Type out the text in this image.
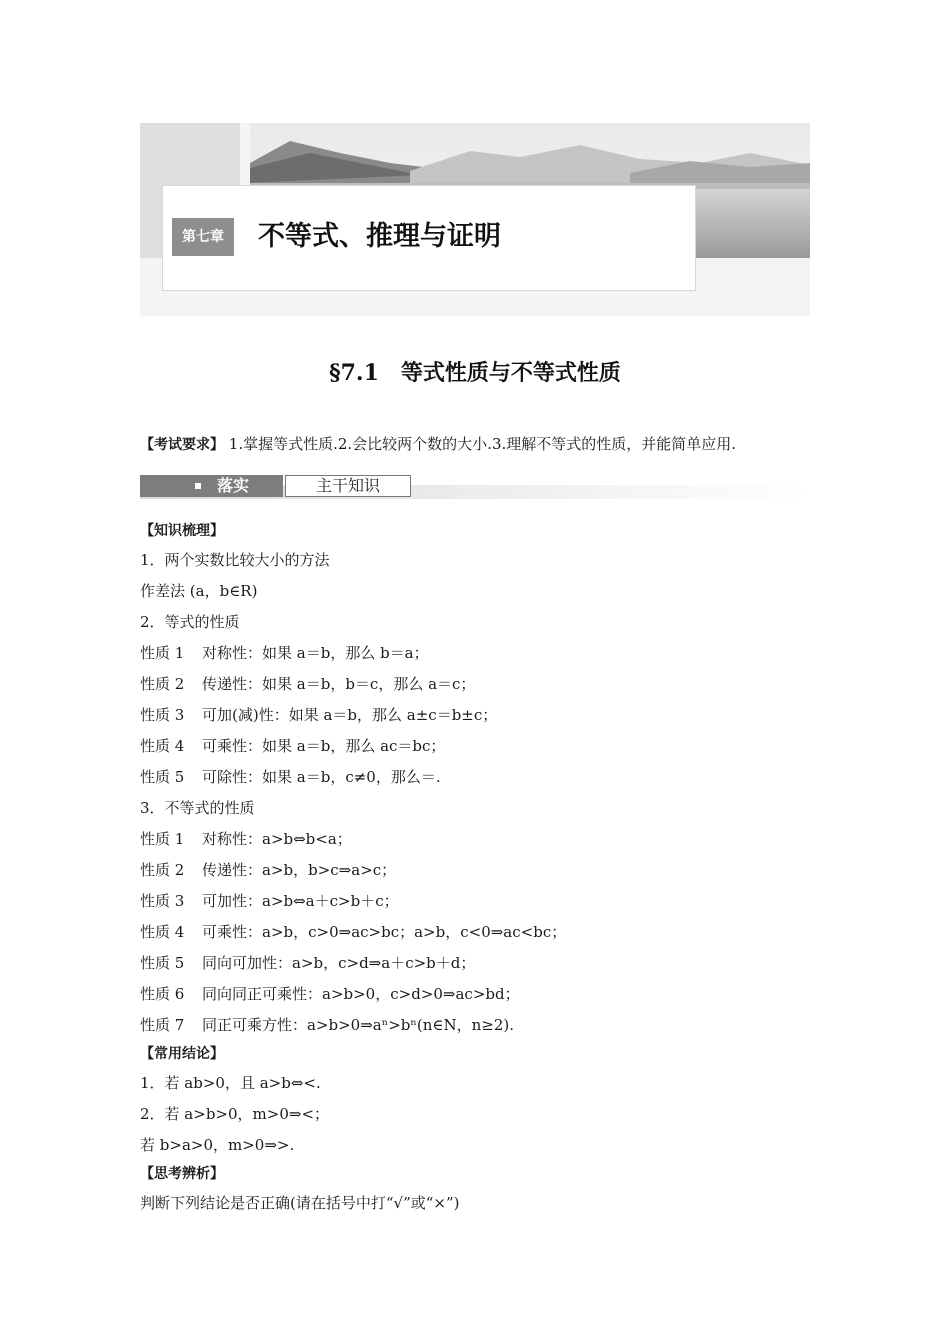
第七章	不等式、推理与证明
§7.1 等式性质与不等式性质
【考试要求】 1.掌握等式性质.2.会比较两个数的大小.3.理解不等式的性质，并能简单应用.
落实	主干知识
【知识梳理】
1．两个实数比较大小的方法
作差法 (a，b∈R)
2．等式的性质
性质 1 对称性：如果 a＝b，那么 b＝a；
性质 2 传递性：如果 a＝b，b＝c，那么 a＝c；
性质 3 可加(减)性：如果 a＝b，那么 a±c＝b±c；
性质 4 可乘性：如果 a＝b，那么 ac＝bc；
性质 5 可除性：如果 a＝b，c≠0，那么＝.
3．不等式的性质
性质 1 对称性：a>b⇔b<a；
性质 2 传递性：a>b，b>c⇒a>c；
性质 3 可加性：a>b⇔a＋c>b＋c；
性质 4 可乘性：a>b，c>0⇒ac>bc；a>b，c<0⇒ac<bc；
性质 5 同向可加性：a>b，c>d⇒a＋c>b＋d；
性质 6 同向同正可乘性：a>b>0，c>d>0⇒ac>bd；
性质 7 同正可乘方性：a>b>0⇒aⁿ>bⁿ(n∈N，n≥2).
【常用结论】
1．若 ab>0，且 a>b⇔<.
2．若 a>b>0，m>0⇒<；
若 b>a>0，m>0⇒>.
【思考辨析】
判断下列结论是否正确(请在括号中打“√”或“×”)
